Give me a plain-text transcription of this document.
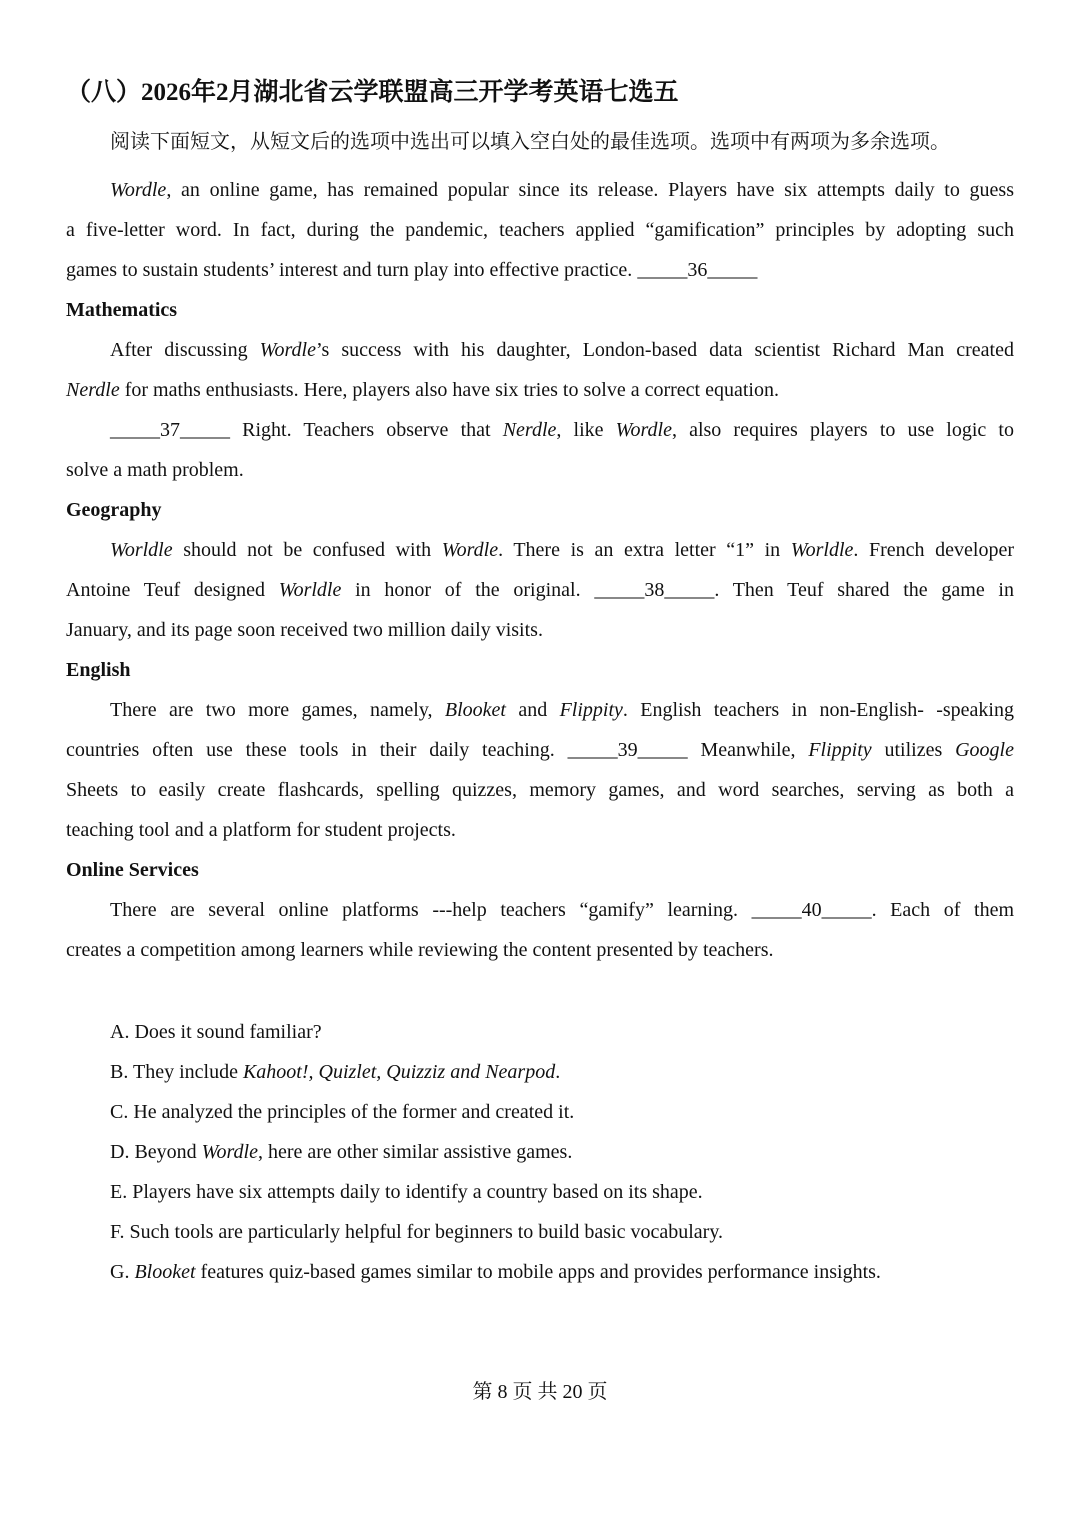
（八）2026年2月湖北省云学联盟高三开学考英语七选五
阅读下面短文，从短文后的选项中选出可以填入空白处的最佳选项。选项中有两项为多余选项。
Wordle, an online game, has remained popular since its release. Players have six attempts daily to guess
a five-letter word. In fact, during the pandemic, teachers applied “gamification” principles by adopting such
games to sustain students’ interest and turn play into effective practice. _____36_____
Mathematics
After discussing Wordle’s success with his daughter, London-based data scientist Richard Man created
Nerdle for maths enthusiasts. Here, players also have six tries to solve a correct equation.
_____37_____ Right. Teachers observe that Nerdle, like Wordle, also requires players to use logic to
solve a math problem.
Geography
Worldle should not be confused with Wordle. There is an extra letter “1” in Worldle. French developer
Antoine Teuf designed Worldle in honor of the original. _____38_____. Then Teuf shared the game in
January, and its page soon received two million daily visits.
English
There are two more games, namely, Blooket and Flippity. English teachers in non-English- -speaking
countries often use these tools in their daily teaching. _____39_____ Meanwhile, Flippity utilizes Google
Sheets to easily create flashcards, spelling quizzes, memory games, and word searches, serving as both a
teaching tool and a platform for student projects.
Online Services
There are several online platforms ---help teachers “gamify” learning. _____40_____. Each of them
creates a competition among learners while reviewing the content presented by teachers.
A. Does it sound familiar?
B. They include Kahoot!, Quizlet, Quizziz and Nearpod.
C. He analyzed the principles of the former and created it.
D. Beyond Wordle, here are other similar assistive games.
E. Players have six attempts daily to identify a country based on its shape.
F. Such tools are particularly helpful for beginners to build basic vocabulary.
G. Blooket features quiz-based games similar to mobile apps and provides performance insights.
第 8 页 共 20 页
